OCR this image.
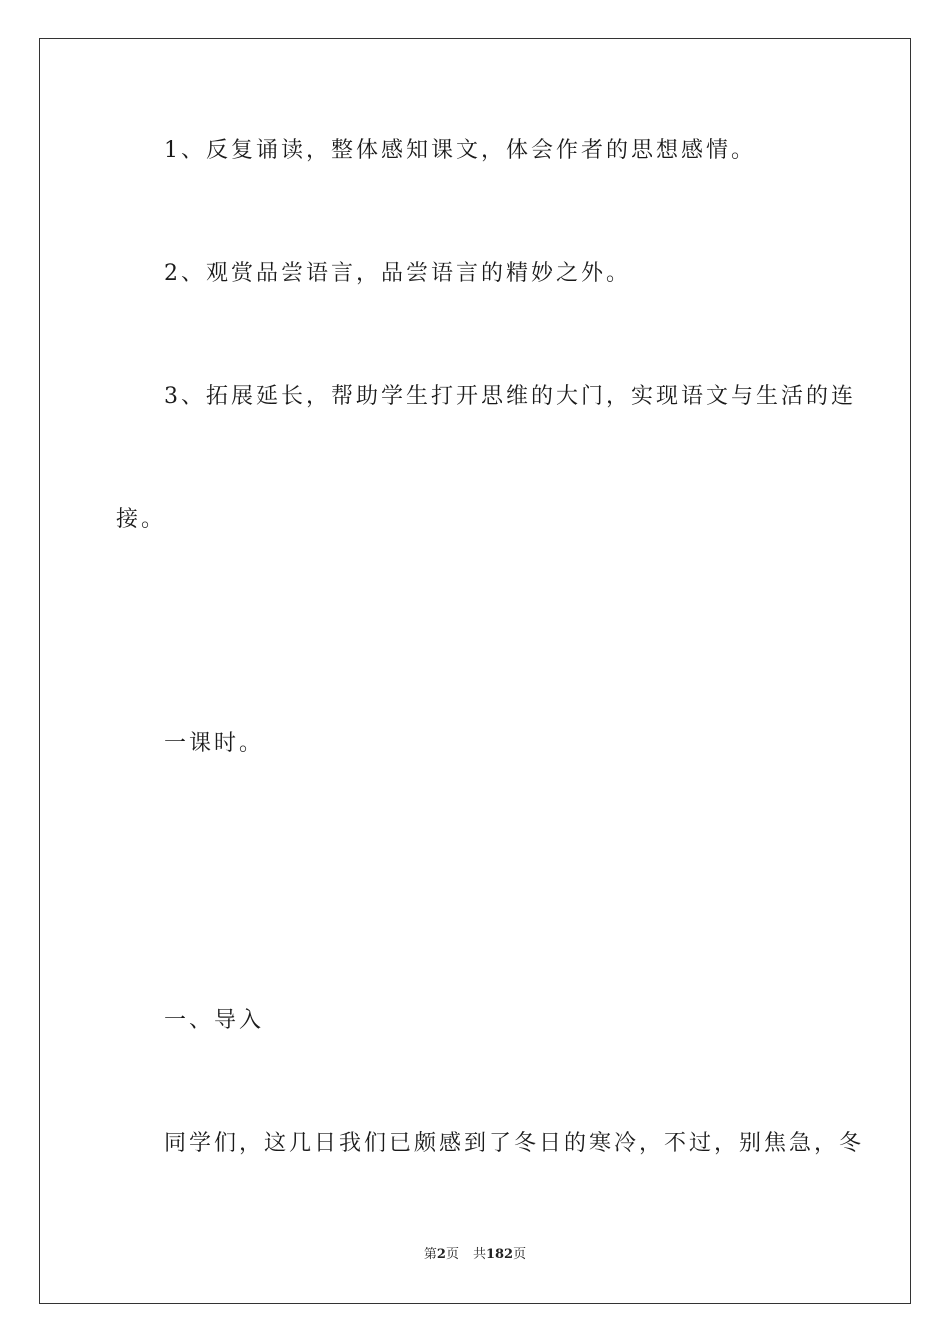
1、反复诵读，整体感知课文，体会作者的思想感情。
2、观赏品尝语言，品尝语言的精妙之外。
3、拓展延长，帮助学生打开思维的大门，实现语文与生活的连
接。
一课时。
一、导入
同学们，这几日我们已颇感到了冬日的寒冷，不过，别焦急，冬
第2页 共182页
